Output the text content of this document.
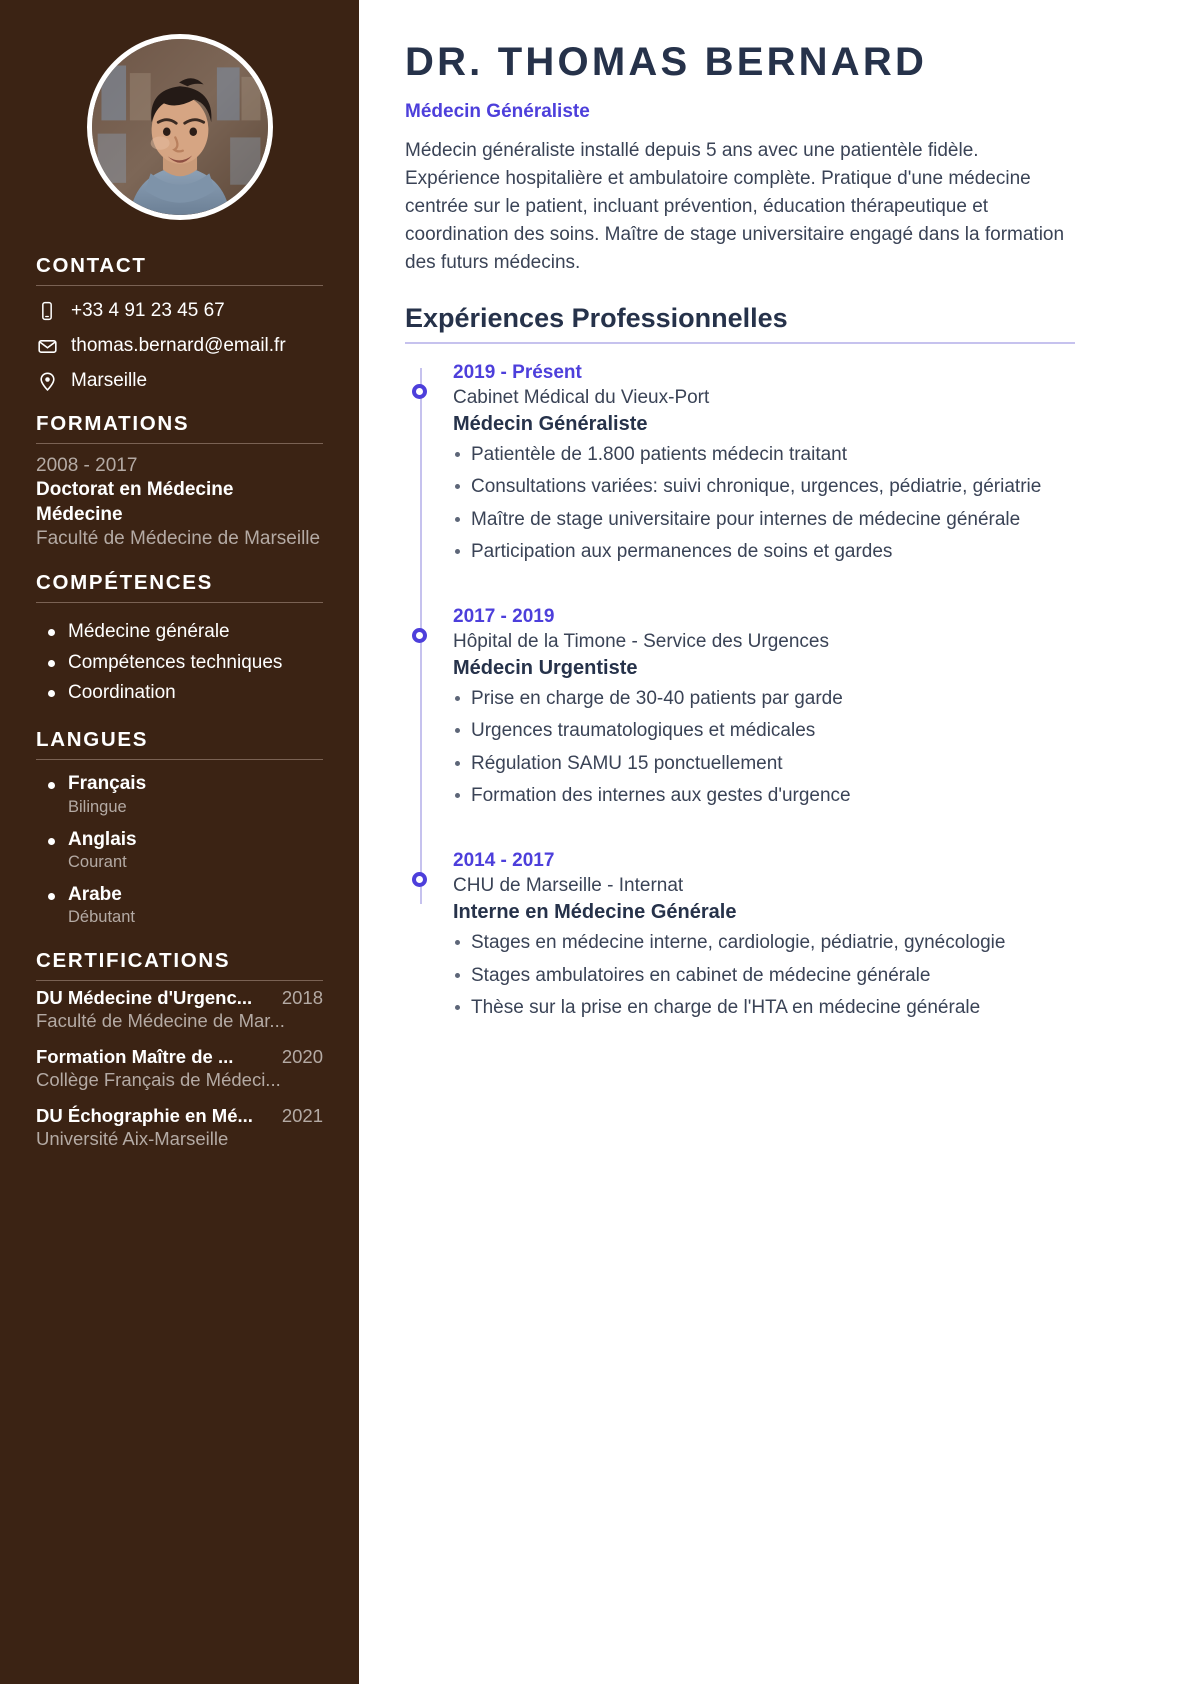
CONTACT
+33 4 91 23 45 67
thomas.bernard@email.fr
Marseille
FORMATIONS
2008 - 2017
Doctorat en Médecine
Médecine
Faculté de Médecine de Marseille
COMPÉTENCES
Médecine générale
Compétences techniques
Coordination
LANGUES
Français
Bilingue
Anglais
Courant
Arabe
Débutant
CERTIFICATIONS
DU Médecine d'Urgenc... 2018
Faculté de Médecine de Mar...
Formation Maître de ...	2020
Collège Français de Médeci...
DU Échographie en Mé... 2021
Université Aix-Marseille
DR. THOMAS BERNARD
Médecin Généraliste

Médecin généraliste installé depuis 5 ans avec une patientèle fidèle. Expérience hospitalière et ambulatoire complète. Pratique d'une médecine centrée sur le patient, incluant prévention, éducation thérapeutique et coordination des soins. Maître de stage universitaire engagé dans la formation des futurs médecins.

Expériences Professionnelles
2019 - Présent
Cabinet Médical du Vieux-Port
Médecin Généraliste
Patientèle de 1.800 patients médecin traitant
Consultations variées: suivi chronique, urgences, pédiatrie, gériatrie
Maître de stage universitaire pour internes de médecine générale
Participation aux permanences de soins et gardes
2017 - 2019
Hôpital de la Timone - Service des Urgences
Médecin Urgentiste
Prise en charge de 30-40 patients par garde
Urgences traumatologiques et médicales
Régulation SAMU 15 ponctuellement
Formation des internes aux gestes d'urgence
2014 - 2017
CHU de Marseille - Internat
Interne en Médecine Générale
Stages en médecine interne, cardiologie, pédiatrie, gynécologie
Stages ambulatoires en cabinet de médecine générale
Thèse sur la prise en charge de l'HTA en médecine générale
